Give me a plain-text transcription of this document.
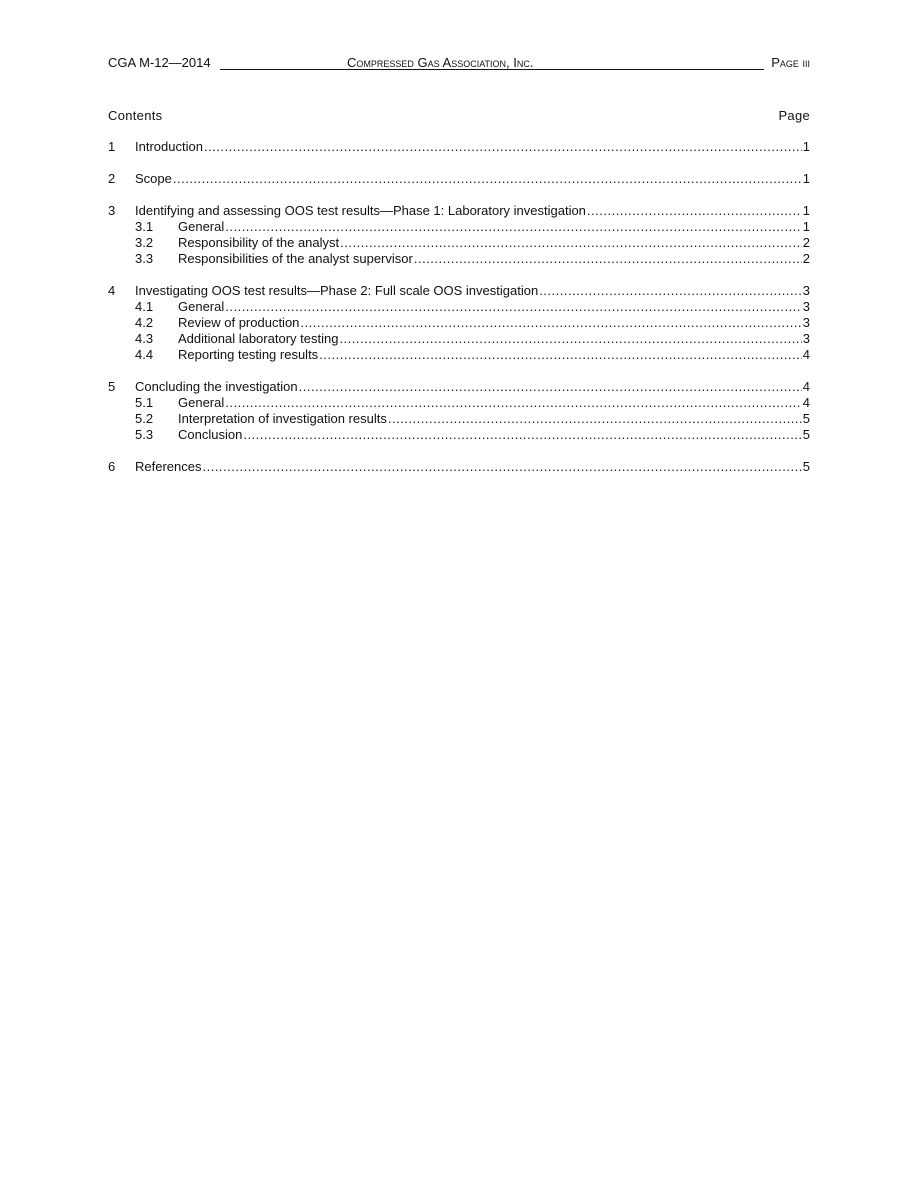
CGA M-12—2014	Compressed Gas Association, Inc.	Page iii
Contents	Page
1	Introduction .....	1
2	Scope .....	1
3	Identifying and assessing OOS test results—Phase 1: Laboratory investigation .....	1
3.1	General .....	1
3.2	Responsibility of the analyst .....	2
3.3	Responsibilities of the analyst supervisor .....	2
4	Investigating OOS test results—Phase 2: Full scale OOS investigation .....	3
4.1	General .....	3
4.2	Review of production .....	3
4.3	Additional laboratory testing .....	3
4.4	Reporting testing results .....	4
5	Concluding the investigation .....	4
5.1	General .....	4
5.2	Interpretation of investigation results .....	5
5.3	Conclusion .....	5
6	References .....	5
